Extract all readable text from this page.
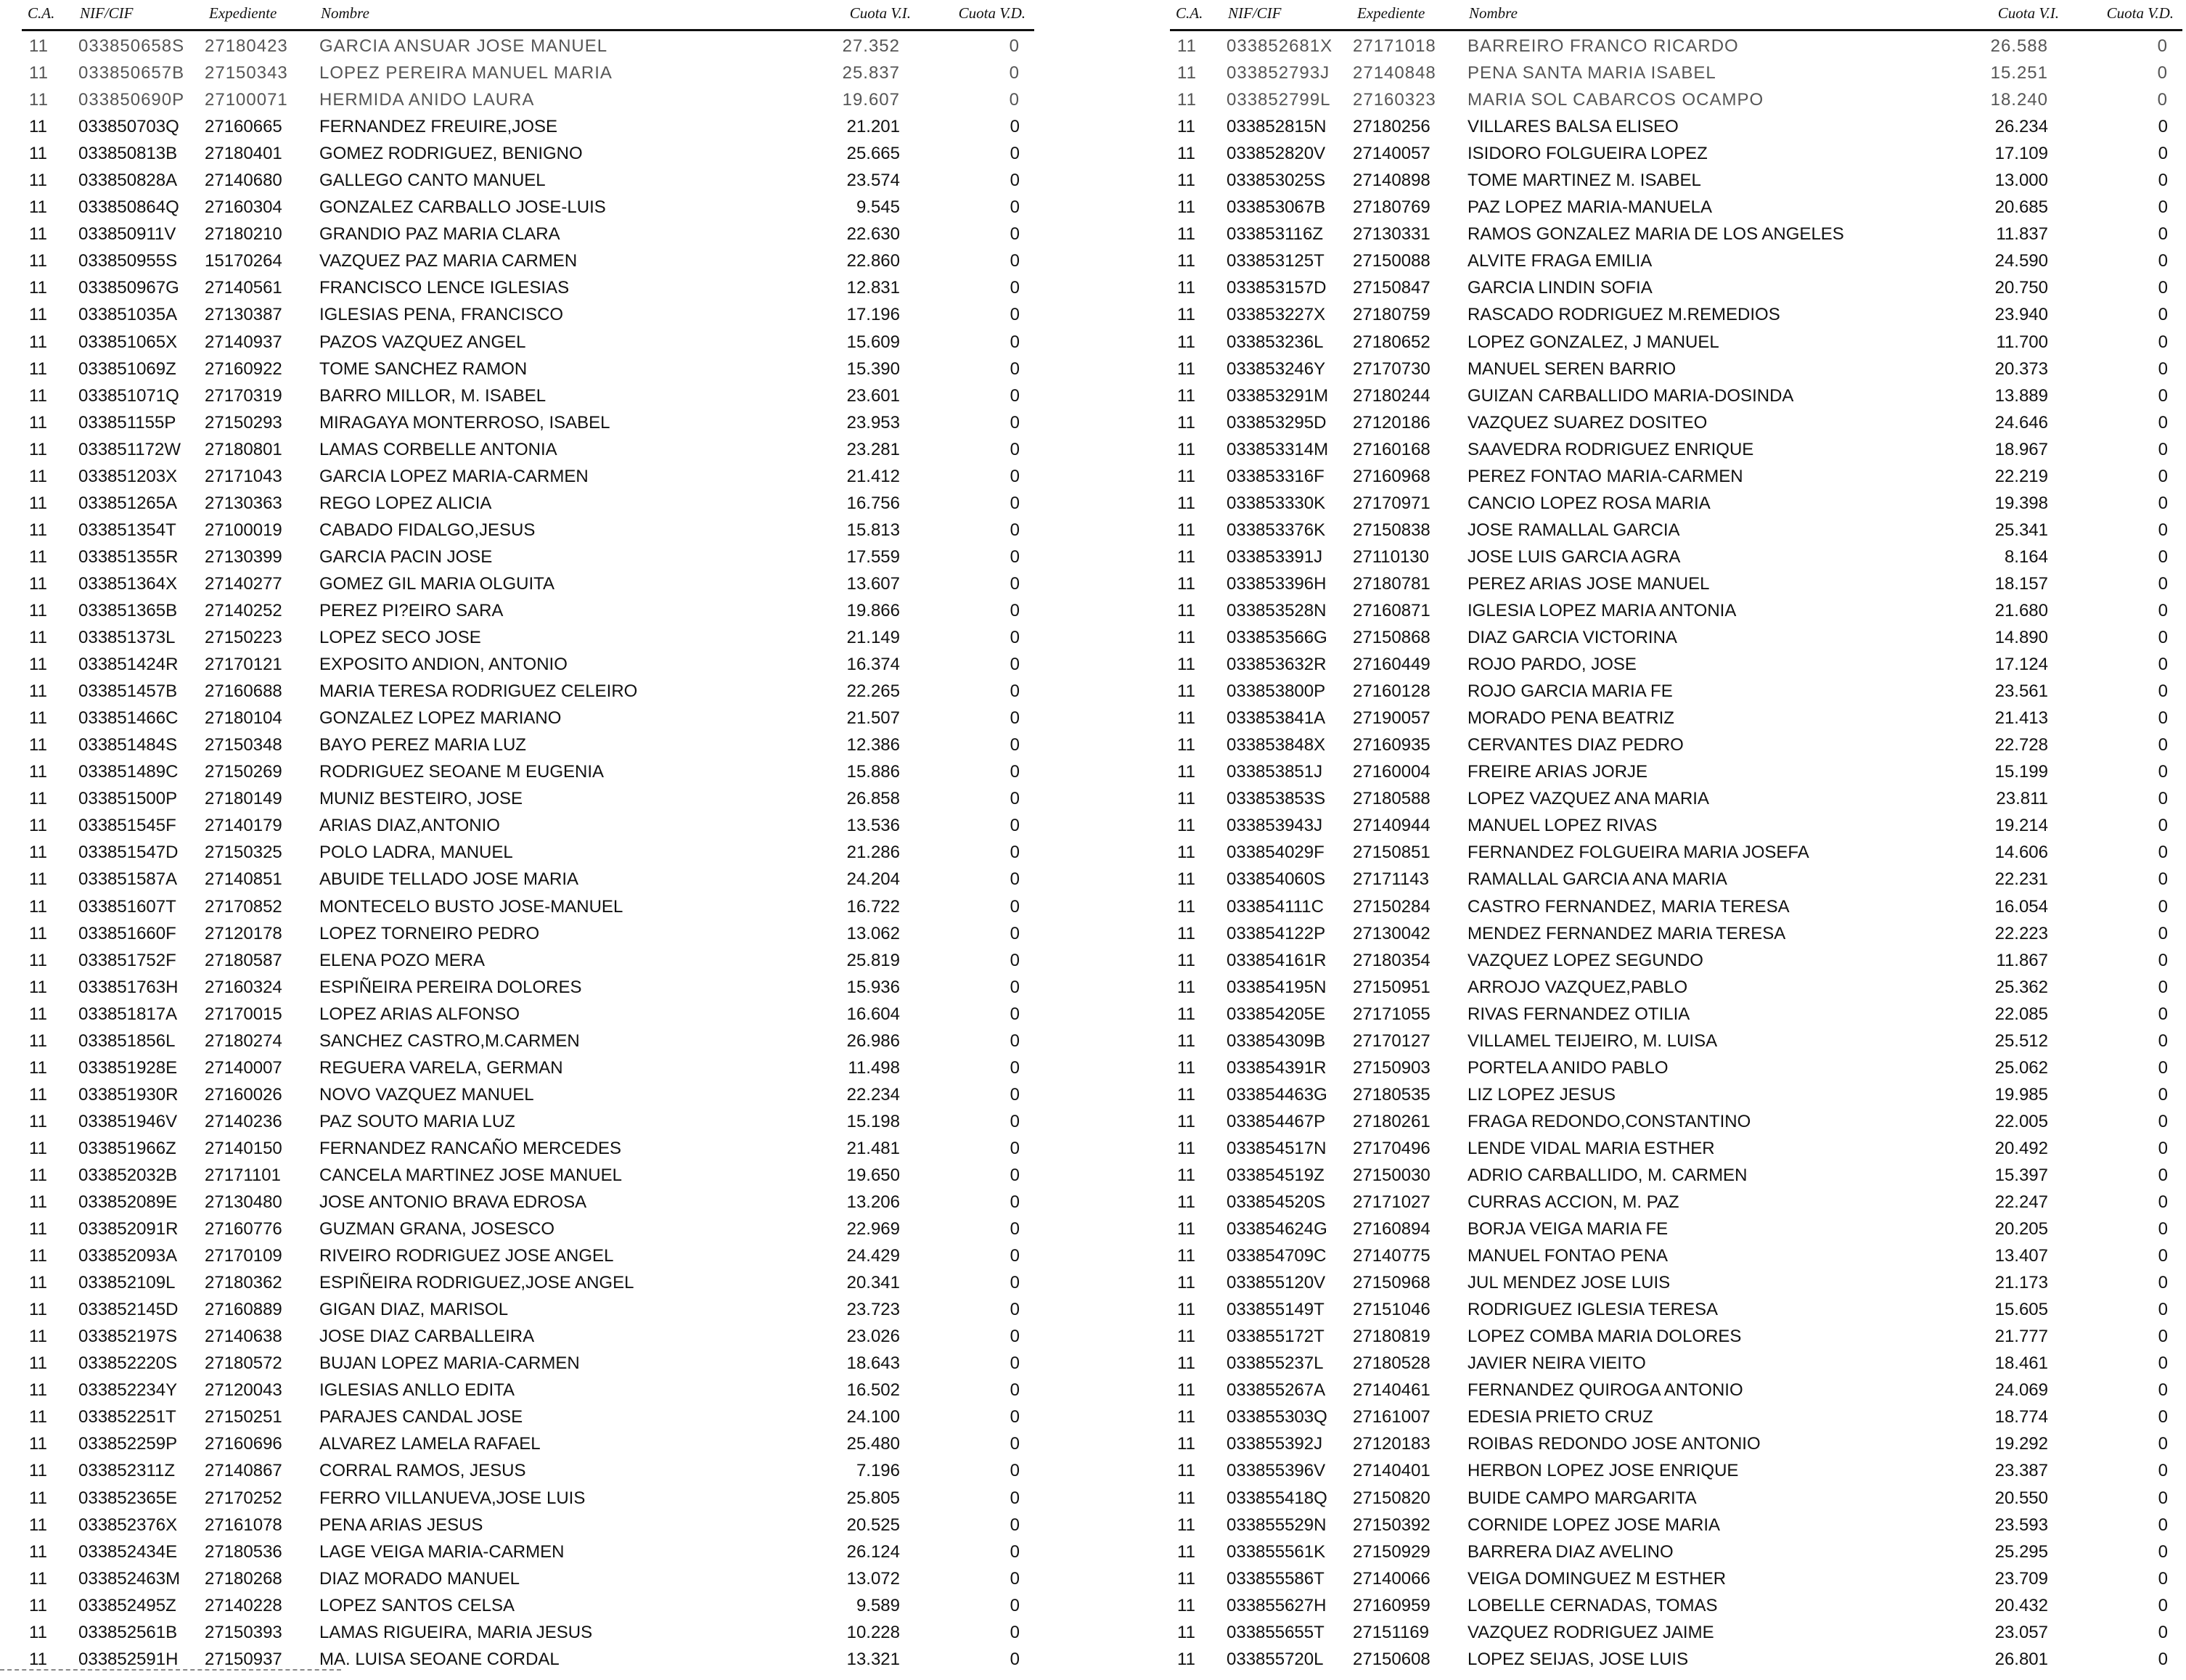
C.A. NIF/CIF	Expediente	Nombre	Cuota V.I.	Cuota V.D.
11 033850658S 27180423 GARCIA ANSUAR JOSE MANUEL	27.352	0
11 033850657B 27150343 LOPEZ PEREIRA MANUEL MARIA	25.837	0
11 033850690P 27100071 HERMIDA ANIDO LAURA	19.607	0
11 033850703Q 27160665 FERNANDEZ FREUIRE,JOSE	21.201	0
11 033850813B 27180401 GOMEZ RODRIGUEZ, BENIGNO	25.665	0
11 033850828A 27140680 GALLEGO CANTO MANUEL	23.574	0
11 033850864Q 27160304 GONZALEZ CARBALLO JOSE-LUIS	9.545	0
11 033850911V 27180210 GRANDIO PAZ MARIA CLARA	22.630	0
11 033850955S 15170264 VAZQUEZ PAZ MARIA CARMEN	22.860	0
11 033850967G 27140561 FRANCISCO LENCE IGLESIAS	12.831	0
11 033851035A 27130387 IGLESIAS PENA, FRANCISCO	17.196	0
11 033851065X 27140937 PAZOS VAZQUEZ ANGEL	15.609	0
11 033851069Z 27160922 TOME SANCHEZ RAMON	15.390	0
11 033851071Q 27170319 BARRO MILLOR, M. ISABEL	23.601	0
11 033851155P 27150293 MIRAGAYA MONTERROSO, ISABEL	23.953	0
11 033851172W 27180801 LAMAS CORBELLE ANTONIA	23.281	0
11 033851203X 27171043 GARCIA LOPEZ MARIA-CARMEN	21.412	0
11 033851265A 27130363 REGO LOPEZ ALICIA	16.756	0
11 033851354T 27100019 CABADO FIDALGO,JESUS	15.813	0
11 033851355R 27130399 GARCIA PACIN JOSE	17.559	0
11 033851364X 27140277 GOMEZ GIL MARIA OLGUITA	13.607	0
11 033851365B 27140252 PEREZ PI?EIRO SARA	19.866	0
11 033851373L 27150223 LOPEZ SECO JOSE	21.149	0
11 033851424R 27170121 EXPOSITO ANDION, ANTONIO	16.374	0
11 033851457B 27160688 MARIA TERESA RODRIGUEZ CELEIRO	22.265	0
11 033851466C 27180104 GONZALEZ LOPEZ MARIANO	21.507	0
11 033851484S 27150348 BAYO PEREZ MARIA LUZ	12.386	0
11 033851489C 27150269 RODRIGUEZ SEOANE M EUGENIA	15.886	0
11 033851500P 27180149 MUNIZ BESTEIRO, JOSE	26.858	0
11 033851545F 27140179 ARIAS DIAZ,ANTONIO	13.536	0
11 033851547D 27150325 POLO LADRA, MANUEL	21.286	0
11 033851587A 27140851 ABUIDE TELLADO JOSE MARIA	24.204	0
11 033851607T 27170852 MONTECELO BUSTO JOSE-MANUEL	16.722	0
11 033851660F 27120178 LOPEZ TORNEIRO PEDRO	13.062	0
11 033851752F 27180587 ELENA POZO MERA	25.819	0
11 033851763H 27160324 ESPIÑEIRA PEREIRA DOLORES	15.936	0
11 033851817A 27170015 LOPEZ ARIAS ALFONSO	16.604	0
11 033851856L 27180274 SANCHEZ CASTRO,M.CARMEN	26.986	0
11 033851928E 27140007 REGUERA VARELA, GERMAN	11.498	0
11 033851930R 27160026 NOVO VAZQUEZ MANUEL	22.234	0
11 033851946V 27140236 PAZ SOUTO MARIA LUZ	15.198	0
11 033851966Z 27140150 FERNANDEZ RANCAÑO MERCEDES	21.481	0
11 033852032B 27171101 CANCELA MARTINEZ JOSE MANUEL	19.650	0
11 033852089E 27130480 JOSE ANTONIO BRAVA EDROSA	13.206	0
11 033852091R 27160776 GUZMAN GRANA, JOSESCO	22.969	0
11 033852093A 27170109 RIVEIRO RODRIGUEZ JOSE ANGEL	24.429	0
11 033852109L 27180362 ESPIÑEIRA RODRIGUEZ,JOSE ANGEL	20.341	0
11 033852145D 27160889 GIGAN DIAZ, MARISOL	23.723	0
11 033852197S 27140638 JOSE DIAZ CARBALLEIRA	23.026	0
11 033852220S 27180572 BUJAN LOPEZ MARIA-CARMEN	18.643	0
11 033852234Y 27120043 IGLESIAS ANLLO EDITA	16.502	0
11 033852251T 27150251 PARAJES CANDAL JOSE	24.100	0
11 033852259P 27160696 ALVAREZ LAMELA RAFAEL	25.480	0
11 033852311Z 27140867 CORRAL RAMOS, JESUS	7.196	0
11 033852365E 27170252 FERRO VILLANUEVA,JOSE LUIS	25.805	0
11 033852376X 27161078 PENA ARIAS JESUS	20.525	0
11 033852434E 27180536 LAGE VEIGA MARIA-CARMEN	26.124	0
11 033852463M 27180268 DIAZ MORADO MANUEL	13.072	0
11 033852495Z 27140228 LOPEZ SANTOS CELSA	9.589	0
11 033852561B 27150393 LAMAS RIGUEIRA, MARIA JESUS	10.228	0
11 033852591H 27150937 MA. LUISA SEOANE CORDAL	13.321	0
C.A. NIF/CIF	Expediente	Nombre	Cuota V.I.	Cuota V.D.
11 033852681X 27171018 BARREIRO FRANCO RICARDO	26.588	0
11 033852793J 27140848 PENA SANTA MARIA ISABEL	15.251	0
11 033852799L 27160323 MARIA SOL CABARCOS OCAMPO	18.240	0
11 033852815N 27180256 VILLARES BALSA ELISEO	26.234	0
11 033852820V 27140057 ISIDORO FOLGUEIRA LOPEZ	17.109	0
11 033853025S 27140898 TOME MARTINEZ M. ISABEL	13.000	0
11 033853067B 27180769 PAZ LOPEZ MARIA-MANUELA	20.685	0
11 033853116Z 27130331 RAMOS GONZALEZ MARIA DE LOS ANGELES	11.837	0
11 033853125T 27150088 ALVITE FRAGA EMILIA	24.590	0
11 033853157D 27150847 GARCIA LINDIN SOFIA	20.750	0
11 033853227X 27180759 RASCADO RODRIGUEZ M.REMEDIOS	23.940	0
11 033853236L 27180652 LOPEZ GONZALEZ, J MANUEL	11.700	0
11 033853246Y 27170730 MANUEL SEREN BARRIO	20.373	0
11 033853291M 27180244 GUIZAN CARBALLIDO MARIA-DOSINDA	13.889	0
11 033853295D 27120186 VAZQUEZ SUAREZ DOSITEO	24.646	0
11 033853314M 27160168 SAAVEDRA RODRIGUEZ ENRIQUE	18.967	0
11 033853316F 27160968 PEREZ FONTAO MARIA-CARMEN	22.219	0
11 033853330K 27170971 CANCIO LOPEZ ROSA MARIA	19.398	0
11 033853376K 27150838 JOSE RAMALLAL GARCIA	25.341	0
11 033853391J 27110130 JOSE LUIS GARCIA AGRA	8.164	0
11 033853396H 27180781 PEREZ ARIAS JOSE MANUEL	18.157	0
11 033853528N 27160871 IGLESIA LOPEZ MARIA ANTONIA	21.680	0
11 033853566G 27150868 DIAZ GARCIA VICTORINA	14.890	0
11 033853632R 27160449 ROJO PARDO, JOSE	17.124	0
11 033853800P 27160128 ROJO GARCIA MARIA FE	23.561	0
11 033853841A 27190057 MORADO PENA BEATRIZ	21.413	0
11 033853848X 27160935 CERVANTES DIAZ PEDRO	22.728	0
11 033853851J 27160004 FREIRE ARIAS JORJE	15.199	0
11 033853853S 27180588 LOPEZ VAZQUEZ ANA MARIA	23.811	0
11 033853943J 27140944 MANUEL LOPEZ RIVAS	19.214	0
11 033854029F 27150851 FERNANDEZ FOLGUEIRA MARIA JOSEFA	14.606	0
11 033854060S 27171143 RAMALLAL GARCIA ANA MARIA	22.231	0
11 033854111C 27150284 CASTRO FERNANDEZ, MARIA TERESA	16.054	0
11 033854122P 27130042 MENDEZ FERNANDEZ MARIA TERESA	22.223	0
11 033854161R 27180354 VAZQUEZ LOPEZ SEGUNDO	11.867	0
11 033854195N 27150951 ARROJO VAZQUEZ,PABLO	25.362	0
11 033854205E 27171055 RIVAS FERNANDEZ OTILIA	22.085	0
11 033854309B 27170127 VILLAMEL TEIJEIRO, M. LUISA	25.512	0
11 033854391R 27150903 PORTELA ANIDO PABLO	25.062	0
11 033854463G 27180535 LIZ LOPEZ JESUS	19.985	0
11 033854467P 27180261 FRAGA REDONDO,CONSTANTINO	22.005	0
11 033854517N 27170496 LENDE VIDAL MARIA ESTHER	20.492	0
11 033854519Z 27150030 ADRIO CARBALLIDO, M. CARMEN	15.397	0
11 033854520S 27171027 CURRAS ACCION, M. PAZ	22.247	0
11 033854624G 27160894 BORJA VEIGA MARIA FE	20.205	0
11 033854709C 27140775 MANUEL FONTAO PENA	13.407	0
11 033855120V 27150968 JUL MENDEZ JOSE LUIS	21.173	0
11 033855149T 27151046 RODRIGUEZ IGLESIA TERESA	15.605	0
11 033855172T 27180819 LOPEZ COMBA MARIA DOLORES	21.777	0
11 033855237L 27180528 JAVIER NEIRA VIEITO	18.461	0
11 033855267A 27140461 FERNANDEZ QUIROGA ANTONIO	24.069	0
11 033855303Q 27161007 EDESIA PRIETO CRUZ	18.774	0
11 033855392J 27120183 ROIBAS REDONDO JOSE ANTONIO	19.292	0
11 033855396V 27140401 HERBON LOPEZ JOSE ENRIQUE	23.387	0
11 033855418Q 27150820 BUIDE CAMPO MARGARITA	20.550	0
11 033855529N 27150392 CORNIDE LOPEZ JOSE MARIA	23.593	0
11 033855561K 27150929 BARRERA DIAZ AVELINO	25.295	0
11 033855586T 27140066 VEIGA DOMINGUEZ M ESTHER	23.709	0
11 033855627H 27160959 LOBELLE CERNADAS, TOMAS	20.432	0
11 033855655T 27151169 VAZQUEZ RODRIGUEZ JAIME	23.057	0
11 033855720L 27150608 LOPEZ SEIJAS, JOSE LUIS	26.801	0
